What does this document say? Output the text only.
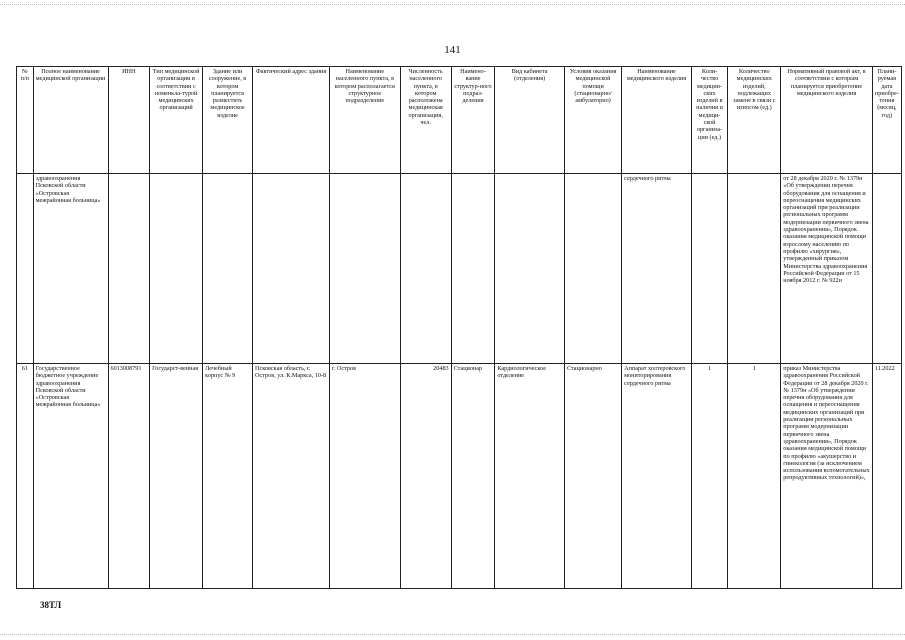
141
№ п/п	Полное наименование медицинской организации	ИНН	Тип медицинской организации в соответствии с номенкла-турой медицинских организаций	Здание или сооружение, в котором планируется разместить медицинское изделие	Фактический адрес здания	Наименование населенного пункта, в котором располагается структурное подразделение	Численность населенного пункта, в котором расположена медицинская организация, чел.	Наимено-вание структур-ного подраз-деления	Вид кабинета (отделения)	Условия оказания медицинской помощи (стационарно/амбулаторно)	Наименование медицинского изделия	Коли-чество медицин-ских изделий в наличии в медици-ской организа-ции (ед.)	Количество медицинских изделий, подлежащих замене в связи с износом (ед.)	Нормативный правовой акт, в соответствии с которым планируется приобретение медицинского изделия	Плани-руемая дата приобре-тения (месяц, год)
	здравоохранения Псковской области «Островская межрайонная больница»										сердечного ритма			от 28 декабря 2020 г. № 1379н «Об утверждении перечня оборудования для оснащения и переоснащения медицинских организаций при реализации региональных программ модернизации первичного звена здравоохранения», Порядок оказания медицинской помощи взрослому населению по профилю «хирургия», утвержденный приказом Министерства здравоохранения Российской Федерации от 15 ноября 2012 г. № 922н	
61	Государственное бюджетное учреждение здравоохранения Псковской области «Островская межрайонная больница»	6013008791	Государст-венная	Лечебный корпус № 9	Псковская область, г. Остров, ул. К.Маркса, 10-8	г. Остров	20483	Стационар	Кардиологическое отделение	Стационарно	Аппарат холтеровского мониторирования сердечного ритма	1	1	приказ Министерства здравоохранения Российской Федерации от 28 декабря 2020 г. № 1379н «Об утверждении перечня оборудования для оснащения и переоснащения медицинских организаций при реализации региональных программ модернизации первичного звена здравоохранения», Порядок оказания медицинской помощи по профилю «акушерство и гинекология (за исключением использования вспомогательных репродуктивных технологий)»,	11.2022
38ТЛ
